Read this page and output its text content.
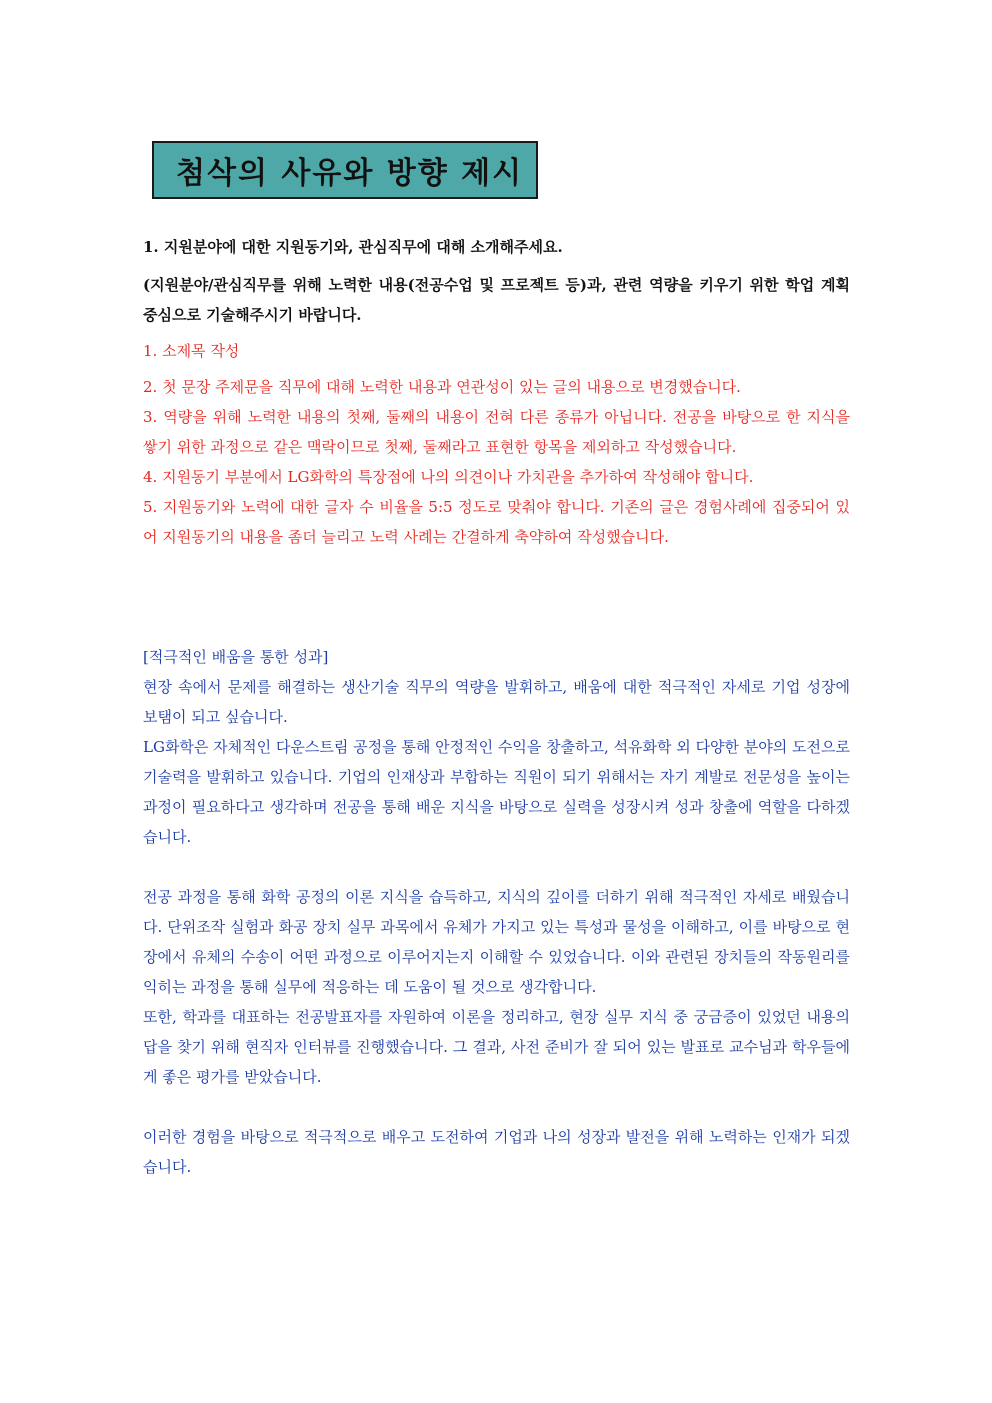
첨삭의 사유와 방향 제시

1. 지원분야에 대한 지원동기와, 관심직무에 대해 소개해주세요.

(지원분야/관심직무를 위해 노력한 내용(전공수업 및 프로젝트 등)과, 관련 역량을 키우기 위한 학업 계획 중심으로 기술해주시기 바랍니다.

1. 소제목 작성

2. 첫 문장 주제문을 직무에 대해 노력한 내용과 연관성이 있는 글의 내용으로 변경했습니다.

3. 역량을 위해 노력한 내용의 첫째, 둘째의 내용이 전혀 다른 종류가 아닙니다. 전공을 바탕으로 한 지식을 쌓기 위한 과정으로 같은 맥락이므로 첫째, 둘째라고 표현한 항목을 제외하고 작성했습니다.

4. 지원동기 부분에서 LG화학의 특장점에 나의 의견이나 가치관을 추가하여 작성해야 합니다.

5. 지원동기와 노력에 대한 글자 수 비율을 5:5 정도로 맞춰야 합니다. 기존의 글은 경험사례에 집중되어 있어 지원동기의 내용을 좀더 늘리고 노력 사례는 간결하게 축약하여 작성했습니다.

[적극적인 배움을 통한 성과]

현장 속에서 문제를 해결하는 생산기술 직무의 역량을 발휘하고, 배움에 대한 적극적인 자세로 기업 성장에 보탬이 되고 싶습니다.

LG화학은 자체적인 다운스트림 공정을 통해 안정적인 수익을 창출하고, 석유화학 외 다양한 분야의 도전으로 기술력을 발휘하고 있습니다. 기업의 인재상과 부합하는 직원이 되기 위해서는 자기 계발로 전문성을 높이는 과정이 필요하다고 생각하며 전공을 통해 배운 지식을 바탕으로 실력을 성장시켜 성과 창출에 역할을 다하겠습니다.

전공 과정을 통해 화학 공정의 이론 지식을 습득하고, 지식의 깊이를 더하기 위해 적극적인 자세로 배웠습니다. 단위조작 실험과 화공 장치 실무 과목에서 유체가 가지고 있는 특성과 물성을 이해하고, 이를 바탕으로 현장에서 유체의 수송이 어떤 과정으로 이루어지는지 이해할 수 있었습니다. 이와 관련된 장치들의 작동원리를 익히는 과정을 통해 실무에 적응하는 데 도움이 될 것으로 생각합니다.

또한, 학과를 대표하는 전공발표자를 자원하여 이론을 정리하고, 현장 실무 지식 중 궁금증이 있었던 내용의 답을 찾기 위해 현직자 인터뷰를 진행했습니다. 그 결과, 사전 준비가 잘 되어 있는 발표로 교수님과 학우들에게 좋은 평가를 받았습니다.

이러한 경험을 바탕으로 적극적으로 배우고 도전하여 기업과 나의 성장과 발전을 위해 노력하는 인재가 되겠습니다.
